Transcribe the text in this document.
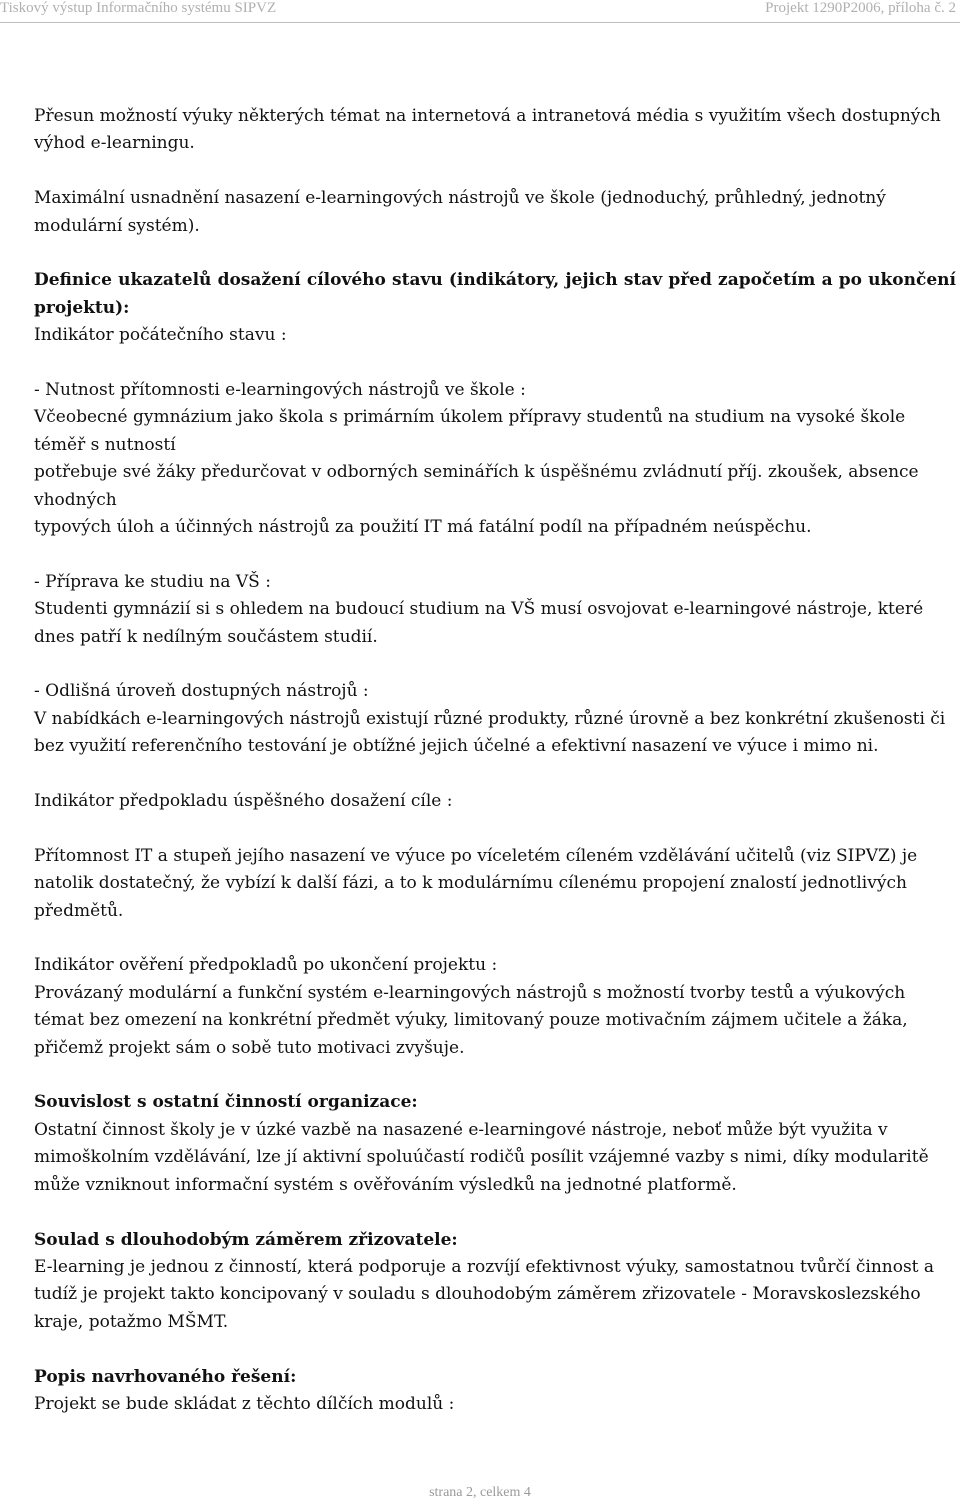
Tiskový výstup Informačního systému SIPVZ	Projekt 1290P2006, příloha č. 2

Přesun možností výuky některých témat na internetová a intranetová média s využitím všech dostupných výhod e-learningu.

Maximální usnadnění nasazení e-learningových nástrojů ve škole (jednoduchý, průhledný, jednotný modulární systém).

Definice ukazatelů dosažení cílového stavu (indikátory, jejich stav před započetím a po ukončení projektu):

Indikátor počátečního stavu :

- Nutnost přítomnosti e-learningových nástrojů ve škole :

Včeobecné gymnázium jako škola s primárním úkolem přípravy studentů na studium na vysoké škole téměř s nutností

potřebuje své žáky předurčovat v odborných seminářích k úspěšnému zvládnutí příj. zkoušek, absence vhodných

typových úloh a účinných nástrojů za použití IT má fatální podíl na případném neúspěchu.

- Příprava ke studiu na VŠ :

Studenti gymnázií si s ohledem na budoucí studium na VŠ musí osvojovat e-learningové nástroje, které dnes patří k nedílným součástem studií.

- Odlišná úroveň dostupných nástrojů :

V nabídkách e-learningových nástrojů existují různé produkty, různé úrovně a bez konkrétní zkušenosti či bez využití referenčního testování je obtížné jejich účelné a efektivní nasazení ve výuce i mimo ni.

Indikátor předpokladu úspěšného dosažení cíle :

Přítomnost IT a stupeň jejího nasazení ve výuce po víceletém cíleném vzdělávání učitelů (viz SIPVZ) je natolik dostatečný, že vybízí k další fázi, a to k modulárnímu cílenému propojení znalostí jednotlivých předmětů.

Indikátor ověření předpokladů po ukončení projektu :

Provázaný modulární a funkční systém e-learningových nástrojů s možností tvorby testů a výukových témat bez omezení na konkrétní předmět výuky, limitovaný pouze motivačním zájmem učitele a žáka, přičemž projekt sám o sobě tuto motivaci zvyšuje.

Souvislost s ostatní činností organizace:

Ostatní činnost školy je v úzké vazbě na nasazené e-learningové nástroje, neboť může být využita v mimoškolním vzdělávání, lze jí aktivní spoluúčastí rodičů posílit vzájemné vazby s nimi, díky modularitě může vzniknout informační systém s ověřováním výsledků na jednotné platformě.

Soulad s dlouhodobým záměrem zřizovatele:

E-learning je jednou z činností, která podporuje a rozvíjí efektivnost výuky, samostatnou tvůrčí činnost a tudíž je projekt takto koncipovaný v souladu s dlouhodobým záměrem zřizovatele - Moravskoslezského kraje, potažmo MŠMT.

Popis navrhovaného řešení:

Projekt se bude skládat z těchto dílčích modulů :

strana 2, celkem 4
